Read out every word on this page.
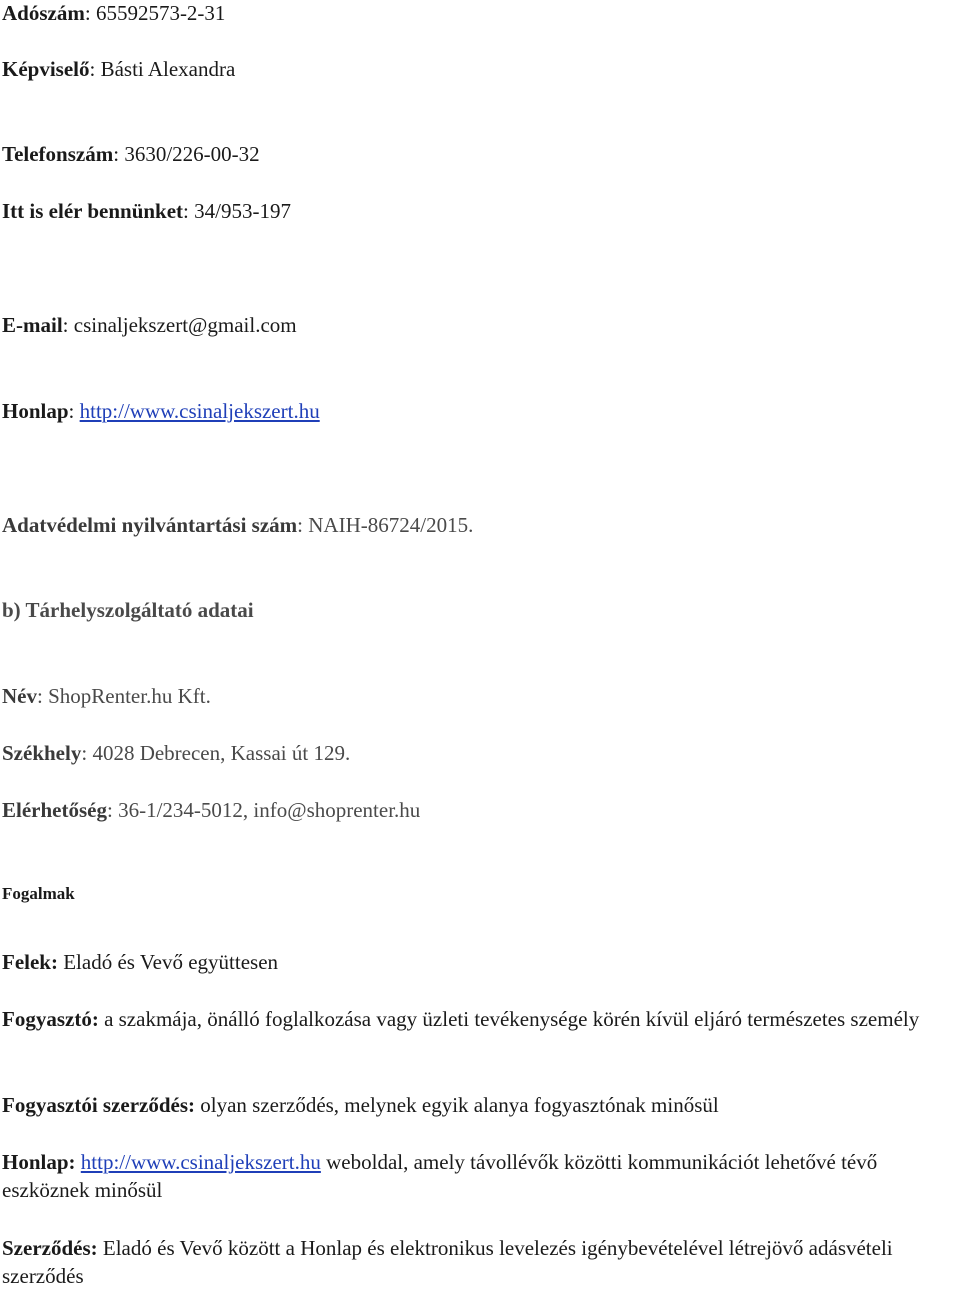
Adószám: 65592573-2-31
Képviselő: Básti Alexandra
Telefonszám: 3630/226-00-32
Itt is elér bennünket: 34/953-197
E-mail: csinaljekszert@gmail.com
Honlap: http://www.csinaljekszert.hu
Adatvédelmi nyilvántartási szám: NAIH-86724/2015.
b) Tárhelyszolgáltató adatai
Név: ShopRenter.hu Kft.
Székhely: 4028 Debrecen, Kassai út 129.
Elérhetőség: 36-1/234-5012, info@shoprenter.hu
Fogalmak
Felek: Eladó és Vevő együttesen
Fogyasztó: a szakmája, önálló foglalkozása vagy üzleti tevékenysége körén kívül eljáró természetes személy
Fogyasztói szerződés: olyan szerződés, melynek egyik alanya fogyasztónak minősül
Honlap: http://www.csinaljekszert.hu weboldal, amely távollévők közötti kommunikációt lehetővé tévő eszköznek minősül
Szerződés: Eladó és Vevő között a Honlap és elektronikus levelezés igénybevételével létrejövő adásvételi szerződés
